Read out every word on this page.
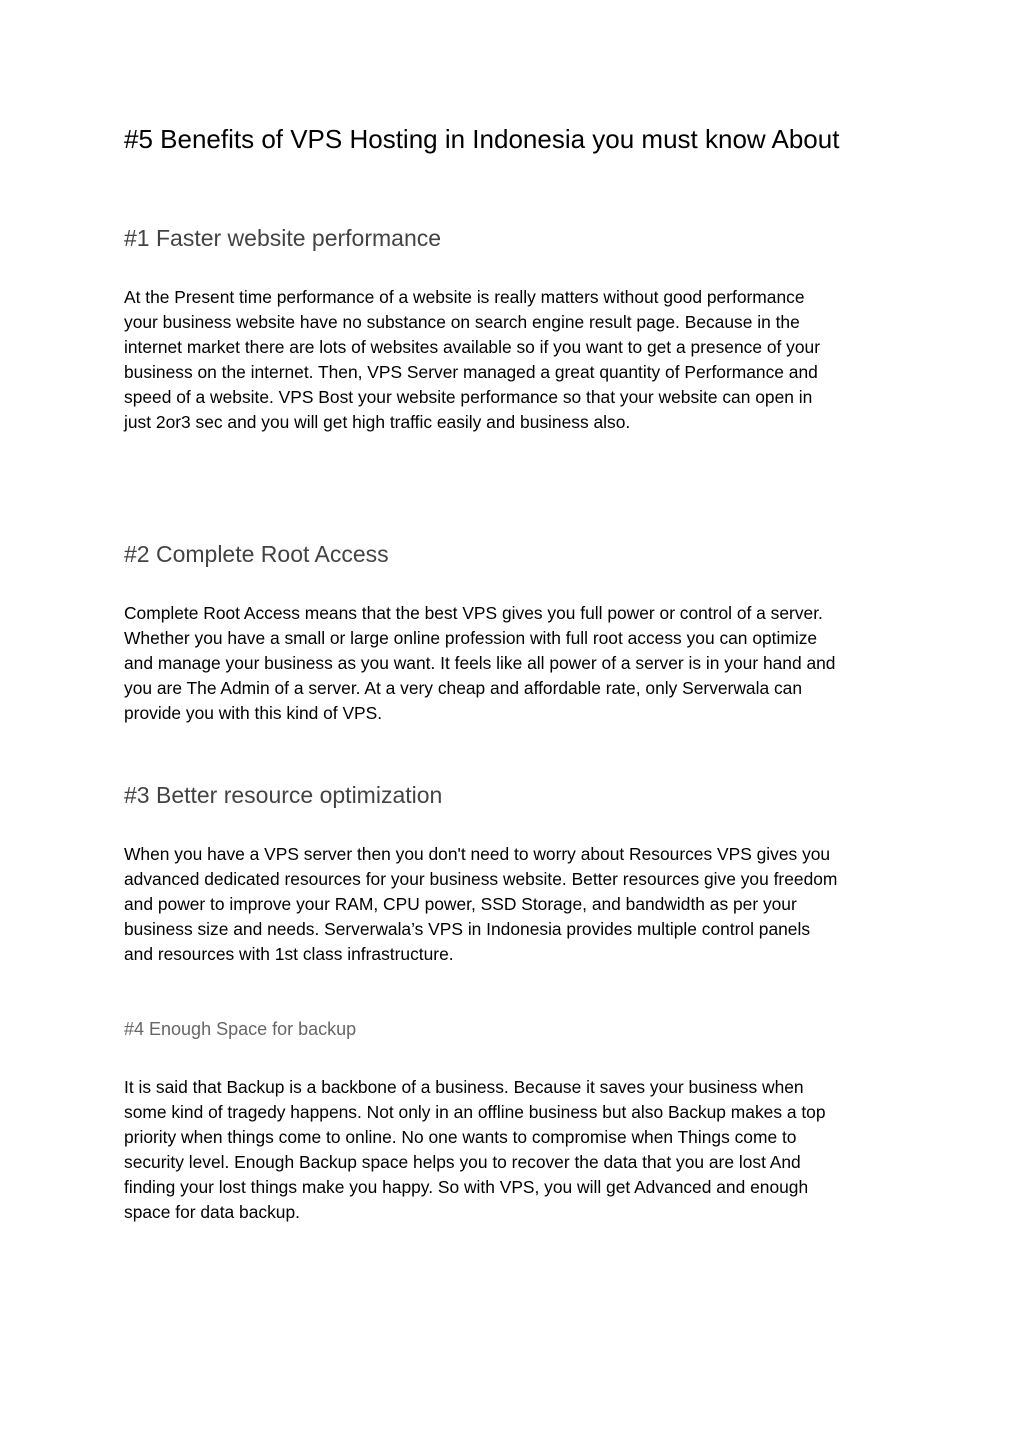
#5 Benefits of VPS Hosting in Indonesia you must know About
#1 Faster website performance

At the Present time performance of a website is really matters without good performance
your business website have no substance on search engine result page. Because in the
internet market there are lots of websites available so if you want to get a presence of your
business on the internet. Then, VPS Server managed a great quantity of Performance and
speed of a website. VPS Bost your website performance so that your website can open in
just 2or3 sec and you will get high traffic easily and business also.

#2 Complete Root Access

Complete Root Access means that the best VPS gives you full power or control of a server.
Whether you have a small or large online profession with full root access you can optimize
and manage your business as you want. It feels like all power of a server is in your hand and
you are The Admin of a server. At a very cheap and affordable rate, only Serverwala can
provide you with this kind of VPS.

#3 Better resource optimization

When you have a VPS server then you don't need to worry about Resources VPS gives you
advanced dedicated resources for your business website. Better resources give you freedom
and power to improve your RAM, CPU power, SSD Storage, and bandwidth as per your
business size and needs. Serverwala’s VPS in Indonesia provides multiple control panels
and resources with 1st class infrastructure.

#4 Enough Space for backup

It is said that Backup is a backbone of a business. Because it saves your business when
some kind of tragedy happens. Not only in an offline business but also Backup makes a top
priority when things come to online. No one wants to compromise when Things come to
security level. Enough Backup space helps you to recover the data that you are lost And
finding your lost things make you happy. So with VPS, you will get Advanced and enough
space for data backup.
